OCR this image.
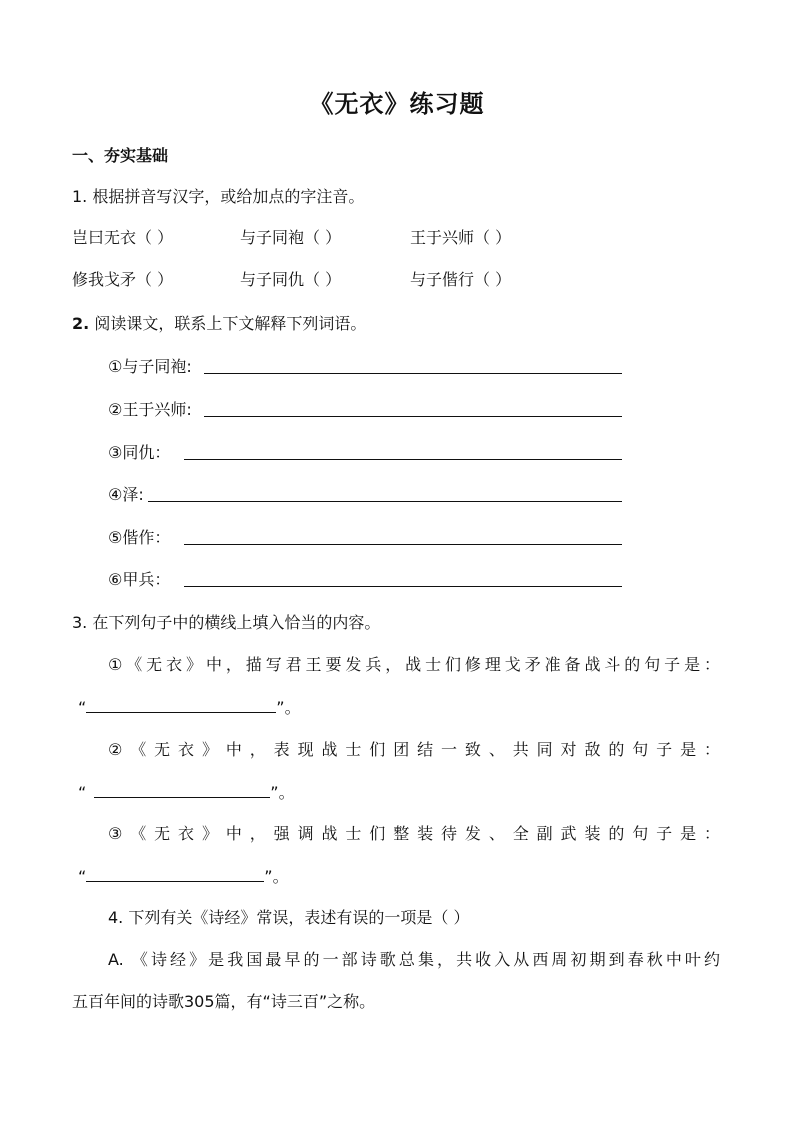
《无衣》练习题
一、夯实基础
1. 根据拼音写汉字，或给加点的字注音。
岂曰无衣（ ）	与子同袍（ ）	王于兴师（ ）
修我戈矛（ ）	与子同仇（ ）	与子偕行（ ）
2. 阅读课文，联系上下文解释下列词语。
①与子同袍:
②王于兴师:
③同仇：
④泽:
⑤偕作：
⑥甲兵：
3. 在下列句子中的横线上填入恰当的内容。
①《无衣》中，描写君王要发兵，战士们修理戈矛准备战斗的句子是：
“	”。
②《无衣》中，表现战士们团结一致、共同对敌的句子是：
“	”。
③《无衣》中，强调战士们整装待发、全副武装的句子是：
“	”。
4. 下列有关《诗经》常误，表述有误的一项是（ ）
A. 《诗经》是我国最早的一部诗歌总集，共收入从西周初期到春秋中叶约
五百年间的诗歌305篇，有“诗三百”之称。
